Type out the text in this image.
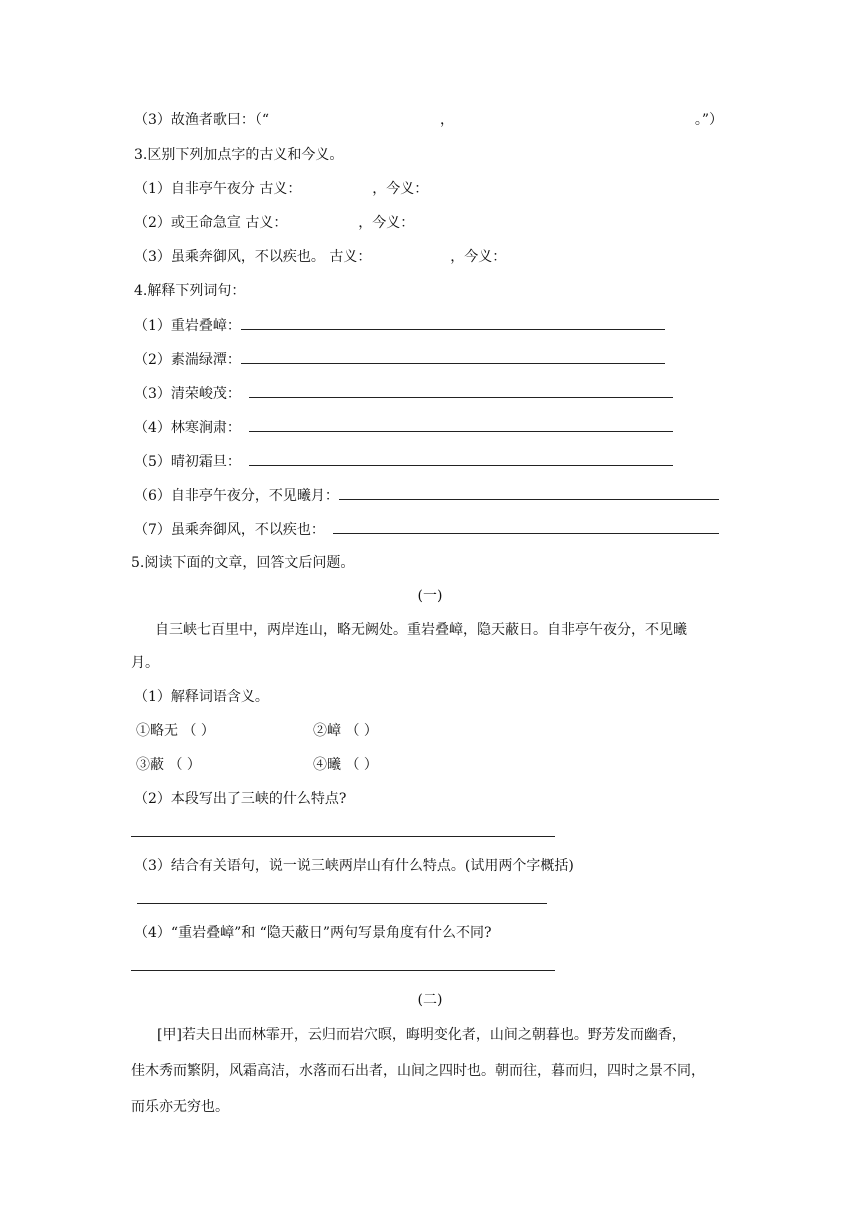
（3）故渔者歌曰：（“	，	。”）
3.区别下列加点字的古义和今义。
（1）自非亭午夜分 古义：	，今义：
（2）或王命急宣 古义：	，今义：
（3）虽乘奔御风，不以疾也。 古义：	，今义：
4.解释下列词句：
（1）重岩叠嶂：
（2）素湍绿潭：
（3）清荣峻茂：
（4）林寒涧肃：
（5）晴初霜旦：
（6）自非亭午夜分，不见曦月：
（7）虽乘奔御风，不以疾也：
5.阅读下面的文章，回答文后问题。
(一)
自三峡七百里中，两岸连山，略无阙处。重岩叠嶂，隐天蔽日。自非亭午夜分，不见曦
月。
（1）解释词语含义。
①略无 （ ）	②嶂 （ ）
③蔽 （ ）	④曦 （ ）
（2）本段写出了三峡的什么特点?
（3）结合有关语句，说一说三峡两岸山有什么特点。(试用两个字概括)
（4）“重岩叠嶂”和 “隐天蔽日”两句写景角度有什么不同?
(二)
[甲]若夫日出而林霏开，云归而岩穴暝，晦明变化者，山间之朝暮也。野芳发而幽香，
佳木秀而繁阴，风霜高洁，水落而石出者，山间之四时也。朝而往，暮而归，四时之景不同，
而乐亦无穷也。
